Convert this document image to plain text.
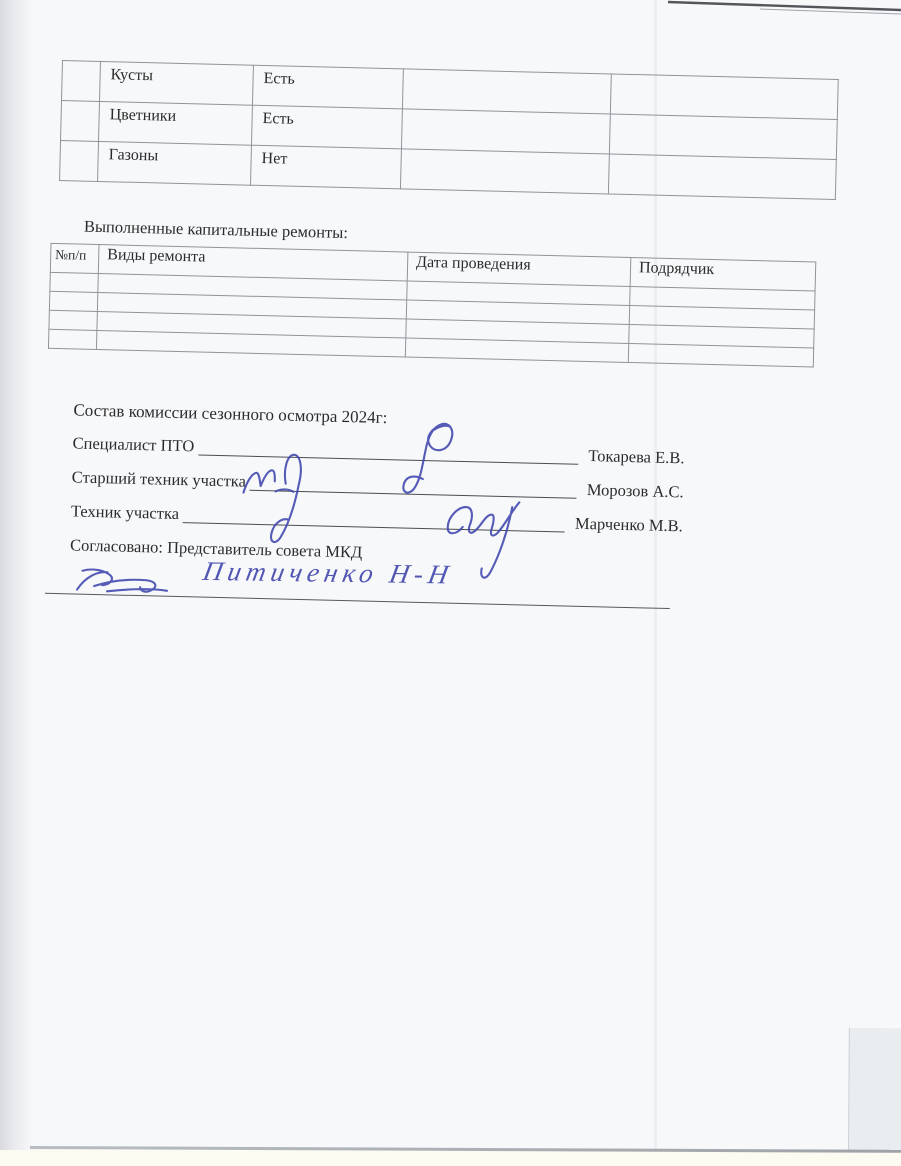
	Кусты	Есть		
	Цветники	Есть		
	Газоны	Нет		
Выполненные капитальные ремонты:
№п/п	Виды ремонта	Дата проведения	Подрядчик

Состав комиссии сезонного осмотра 2024г:
Специалист ПТО
Токарева Е.В.
Старший техник участка
Морозов А.С.
Техник участка
Марченко М.В.
Согласовано: Представитель совета МКД
Питиченко Н-Н
